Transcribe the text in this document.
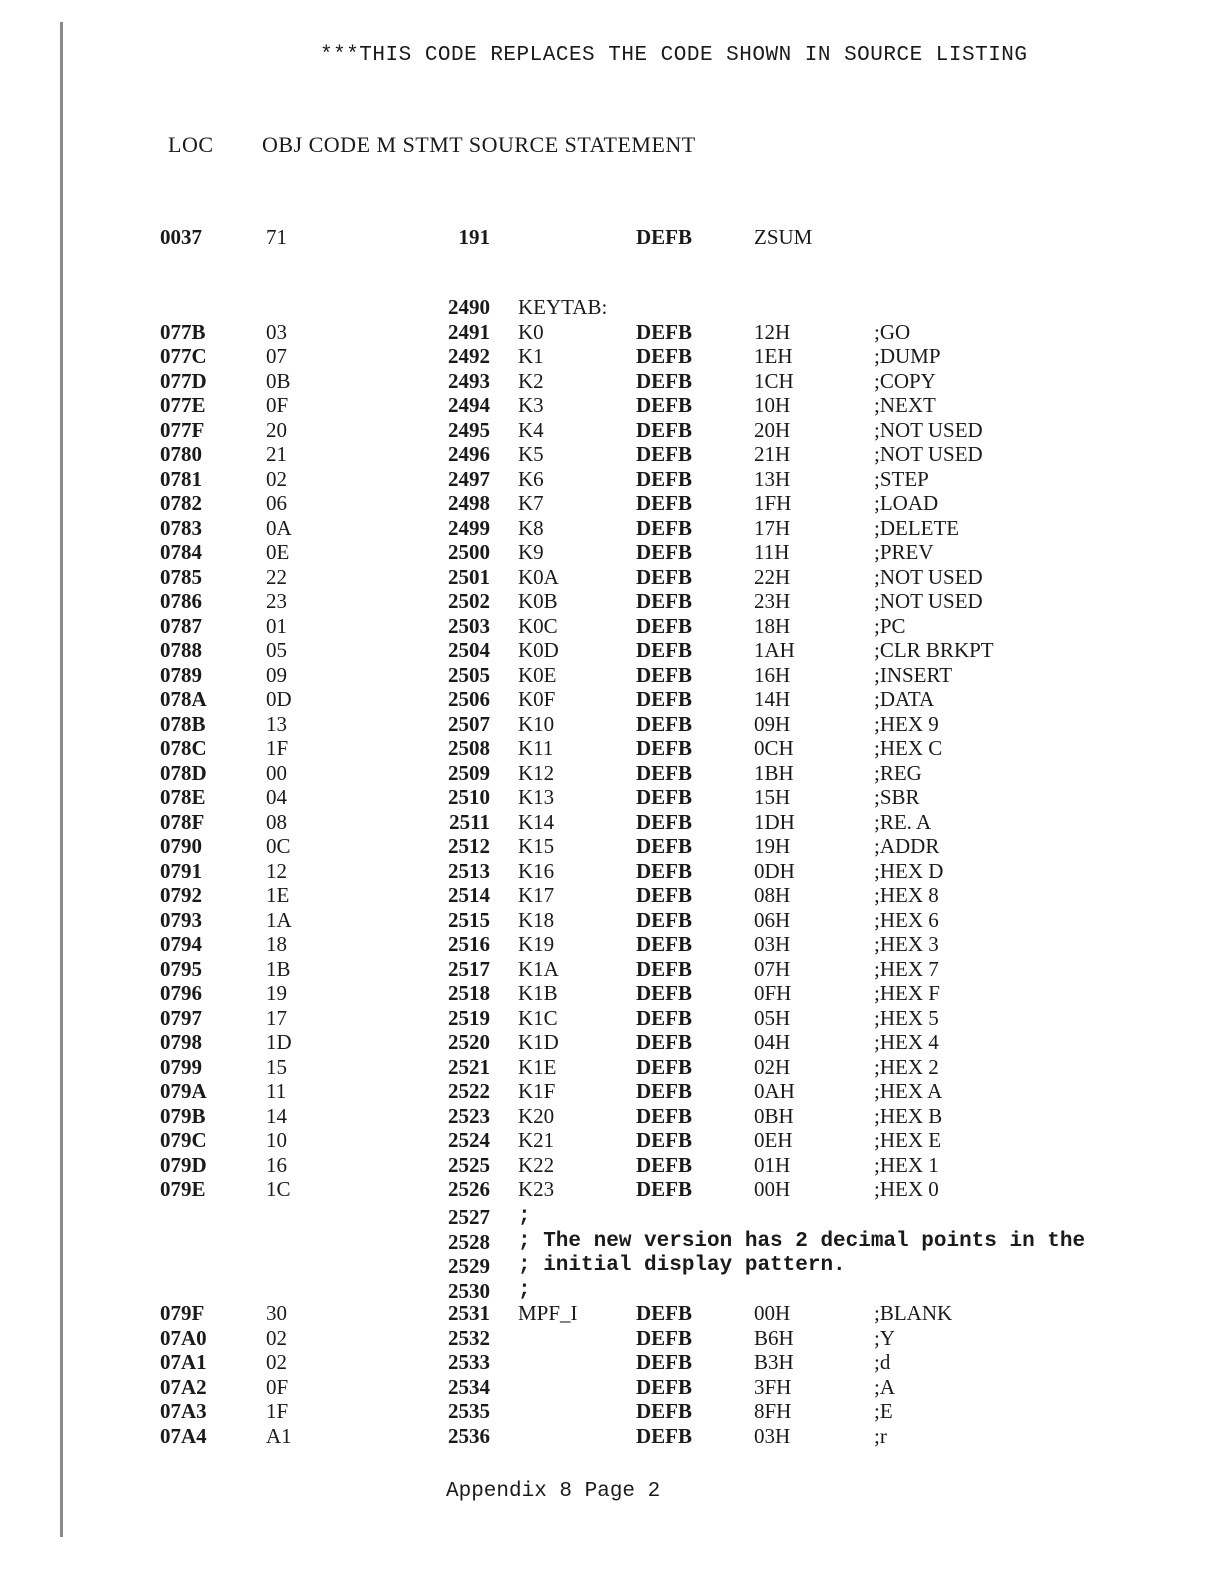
***THIS CODE REPLACES THE CODE SHOWN IN SOURCE LISTING
LOC OBJ CODE M STMT SOURCE STATEMENT
0037	71	191	DEFB	ZSUM
2490 KEYTAB:
077B	03	2491 K0	DEFB	12H	;GO
077C	07	2492 K1	DEFB	1EH	;DUMP
077D	0B	2493 K2	DEFB	1CH	;COPY
077E	0F	2494 K3	DEFB	10H	;NEXT
077F	20	2495 K4	DEFB	20H	;NOT USED
0780	21	2496 K5	DEFB	21H	;NOT USED
0781	02	2497 K6	DEFB	13H	;STEP
0782	06	2498 K7	DEFB	1FH	;LOAD
0783	0A	2499 K8	DEFB	17H	;DELETE
0784	0E	2500 K9	DEFB	11H	;PREV
0785	22	2501 K0A	DEFB	22H	;NOT USED
0786	23	2502 K0B	DEFB	23H	;NOT USED
0787	01	2503 K0C	DEFB	18H	;PC
0788	05	2504 K0D	DEFB	1AH	;CLR BRKPT
0789	09	2505 K0E	DEFB	16H	;INSERT
078A	0D	2506 K0F	DEFB	14H	;DATA
078B	13	2507 K10	DEFB	09H	;HEX 9
078C	1F	2508 K11	DEFB	0CH	;HEX C
078D	00	2509 K12	DEFB	1BH	;REG
078E	04	2510 K13	DEFB	15H	;SBR
078F	08	2511 K14	DEFB	1DH	;RE. A
0790	0C	2512 K15	DEFB	19H	;ADDR
0791	12	2513 K16	DEFB	0DH	;HEX D
0792	1E	2514 K17	DEFB	08H	;HEX 8
0793	1A	2515 K18	DEFB	06H	;HEX 6
0794	18	2516 K19	DEFB	03H	;HEX 3
0795	1B	2517 K1A	DEFB	07H	;HEX 7
0796	19	2518 K1B	DEFB	0FH	;HEX F
0797	17	2519 K1C	DEFB	05H	;HEX 5
0798	1D	2520 K1D	DEFB	04H	;HEX 4
0799	15	2521 K1E	DEFB	02H	;HEX 2
079A	11	2522 K1F	DEFB	0AH	;HEX A
079B	14	2523 K20	DEFB	0BH	;HEX B
079C	10	2524 K21	DEFB	0EH	;HEX E
079D	16	2525 K22	DEFB	01H	;HEX 1
079E	1C	2526 K23	DEFB	00H	;HEX 0
2527 ;
2528 ; The new version has 2 decimal points in the
2529 ; initial display pattern.
2530 ;
079F	30	2531 MPF_I	DEFB	00H	;BLANK
07A0	02	2532	DEFB	B6H	;Y
07A1	02	2533	DEFB	B3H	;d
07A2	0F	2534	DEFB	3FH	;A
07A3	1F	2535	DEFB	8FH	;E
07A4	A1	2536	DEFB	03H	;r
Appendix 8 Page 2
